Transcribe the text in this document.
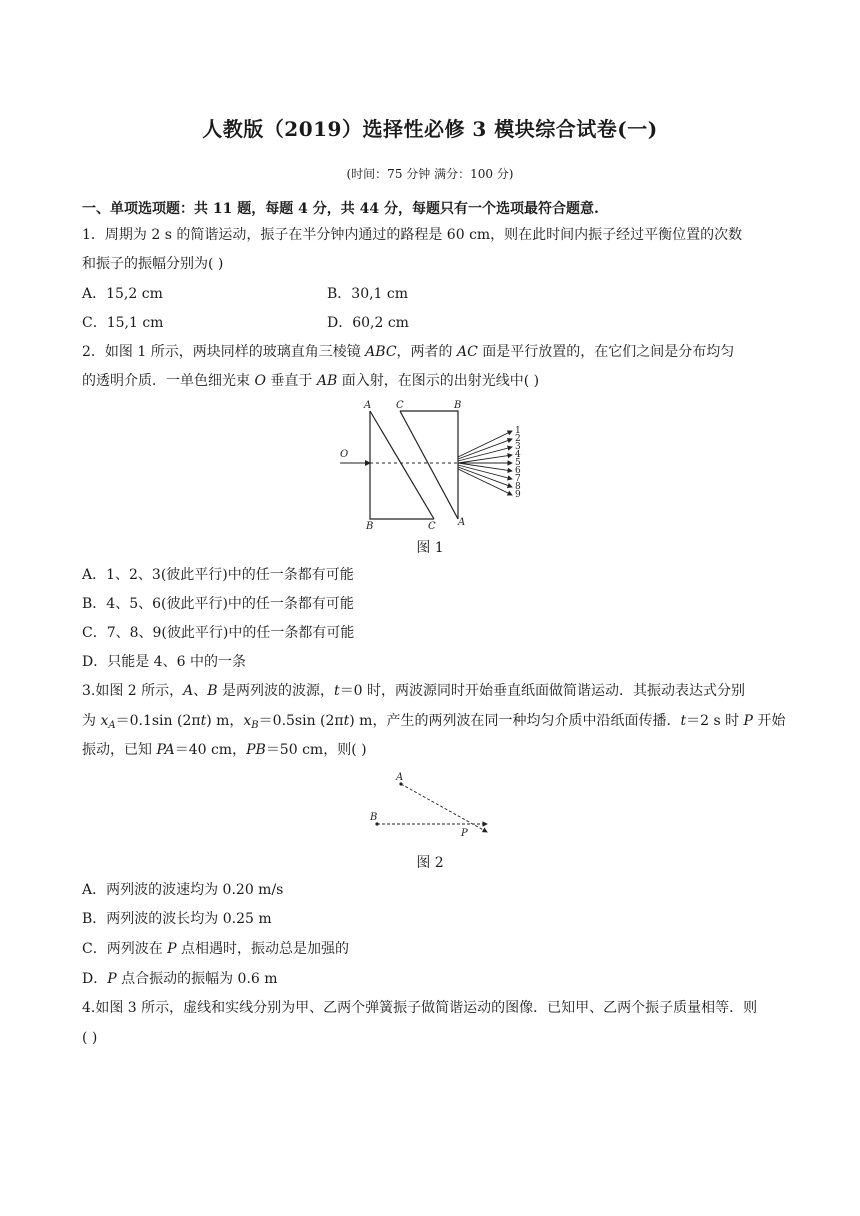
人教版（2019）选择性必修 3 模块综合试卷(一)
(时间：75 分钟 满分：100 分)
一、单项选项题：共 11 题，每题 4 分，共 44 分，每题只有一个选项最符合题意.
1．周期为 2 s 的简谐运动，振子在半分钟内通过的路程是 60 cm，则在此时间内振子经过平衡位置的次数
和振子的振幅分别为( )
A．15,2 cm	B．30,1 cm
C．15,1 cm	D．60,2 cm
2．如图 1 所示，两块同样的玻璃直角三棱镜 ABC，两者的 AC 面是平行放置的，在它们之间是分布均匀
的透明介质．一单色细光束 O 垂直于 AB 面入射，在图示的出射光线中( )
A C	B
O
B	C A
1
2
3
4
5
6
7
8
9
图 1
A．1、2、3(彼此平行)中的任一条都有可能
B．4、5、6(彼此平行)中的任一条都有可能
C．7、8、9(彼此平行)中的任一条都有可能
D．只能是 4、6 中的一条
3.如图 2 所示，A、B 是两列波的波源，t＝0 时，两波源同时开始垂直纸面做简谐运动．其振动表达式分别
为 $x_A=0.1\sin$ (2πt) m，$x_B=0.5\sin$ (2πt) m，产生的两列波在同一种均匀介质中沿纸面传播．t＝2 s 时 P 开始
振动，已知 PA＝40 cm，PB＝50 cm，则( )
A
B
P
图 2
A．两列波的波速均为 0.20 m/s
B．两列波的波长均为 0.25 m
C．两列波在 P 点相遇时，振动总是加强的
D．P 点合振动的振幅为 0.6 m
4.如图 3 所示，虚线和实线分别为甲、乙两个弹簧振子做简谐运动的图像．已知甲、乙两个振子质量相等．则
( )
